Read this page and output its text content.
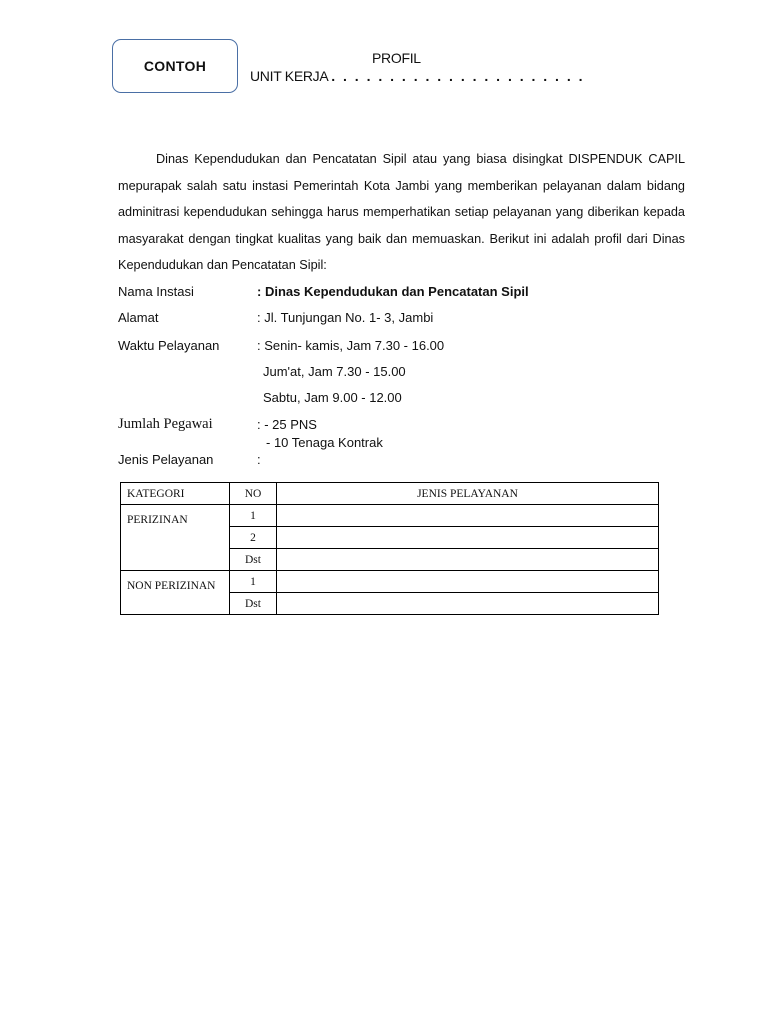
CONTOH	PROFIL
UNIT KERJA . . . . . . . . . . . . . . . . . . . . . .

Dinas Kependudukan dan Pencatatan Sipil atau yang biasa disingkat DISPENDUK CAPIL mepurapak salah satu instasi Pemerintah Kota Jambi yang memberikan pelayanan dalam bidang adminitrasi kependudukan sehingga harus memperhatikan setiap pelayanan yang diberikan kepada masyarakat dengan tingkat kualitas yang baik dan memuaskan. Berikut ini adalah profil dari Dinas Kependudukan dan Pencatatan Sipil:

Nama Instasi	: Dinas Kependudukan dan Pencatatan Sipil
Alamat	: Jl. Tunjungan No. 1- 3, Jambi
Waktu Pelayanan	: Senin- kamis, Jam 7.30 - 16.00
Jum'at, Jam 7.30 - 15.00
Sabtu, Jam 9.00 - 12.00
Jumlah Pegawai	: - 25 PNS
- 10 Tenaga Kontrak
Jenis Pelayanan	:
KATEGORI	NO	JENIS PELAYANAN
PERIZINAN	1	
	2	
	Dst	
NON PERIZINAN	1	
	Dst	
